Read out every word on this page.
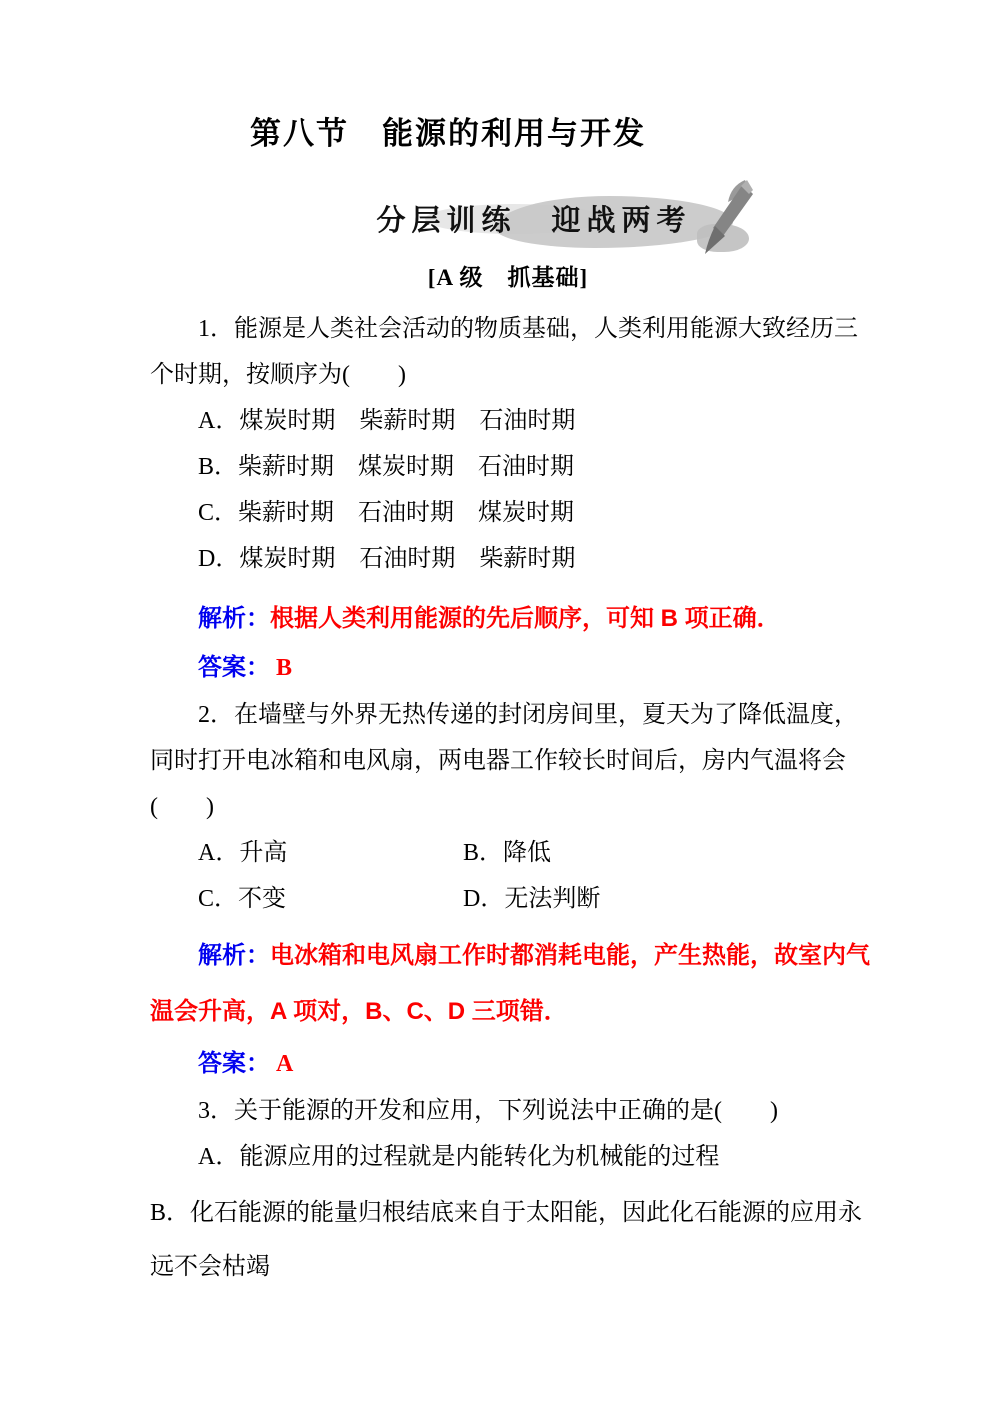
第八节　能源的利用与开发
分层训练　迎战两考
[A 级　抓基础]
1．能源是人类社会活动的物质基础，人类利用能源大致经历三
个时期，按顺序为(　　)
A．煤炭时期　柴薪时期　石油时期
B．柴薪时期　煤炭时期　石油时期
C．柴薪时期　石油时期　煤炭时期
D．煤炭时期　石油时期　柴薪时期
解析：根据人类利用能源的先后顺序，可知 B 项正确．
答案： B
2．在墙壁与外界无热传递的封闭房间里，夏天为了降低温度，
同时打开电冰箱和电风扇，两电器工作较长时间后，房内气温将会
(　　)
A．升高	B．降低
C．不变	D．无法判断
解析：电冰箱和电风扇工作时都消耗电能，产生热能，故室内气
温会升高，A 项对，B、C、D 三项错．
答案： A
3．关于能源的开发和应用，下列说法中正确的是(　　)
A．能源应用的过程就是内能转化为机械能的过程
B．化石能源的能量归根结底来自于太阳能，因此化石能源的应用永
远不会枯竭
